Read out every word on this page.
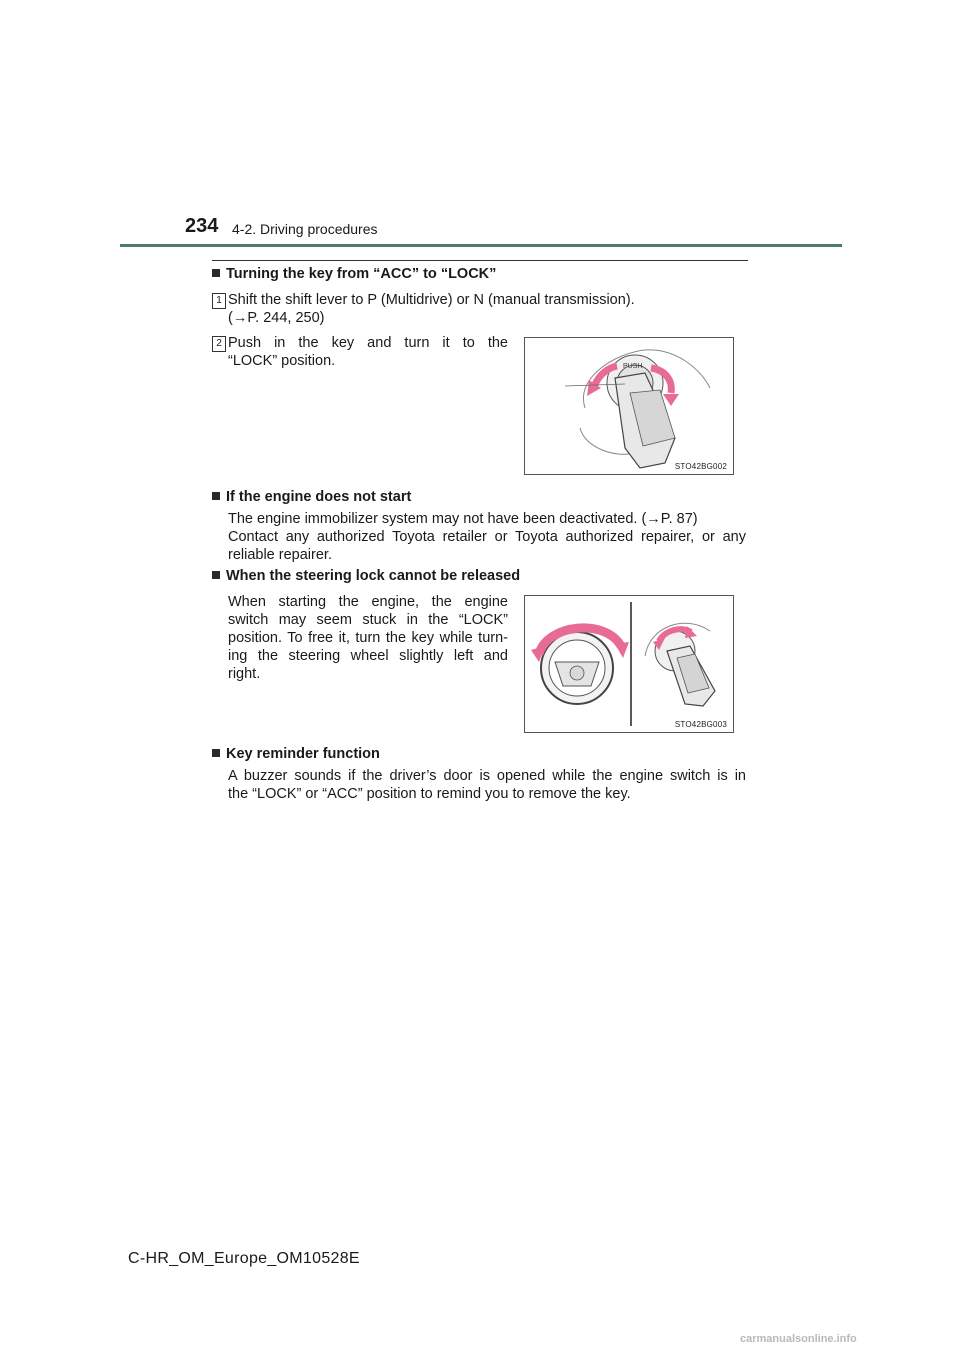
234 4-2. Driving procedures
Turning the key from “ACC” to “LOCK”
1 Shift the shift lever to P (Multidrive) or N (manual transmission).
(→P. 244, 250)
2 Push in the key and turn it to the
“LOCK” position.	PUSH
STO42BG002
If the engine does not start
The engine immobilizer system may not have been deactivated. (→P. 87)
Contact any authorized Toyota retailer or Toyota authorized repairer, or any
reliable repairer.
When the steering lock cannot be released
When starting the engine, the engine
switch may seem stuck in the “LOCK”
position. To free it, turn the key while turn-
ing the steering wheel slightly left and
right.
STO42BG003
Key reminder function
A buzzer sounds if the driver’s door is opened while the engine switch is in
the “LOCK” or “ACC” position to remind you to remove the key.
C-HR_OM_Europe_OM10528E
carmanualsonline.info
